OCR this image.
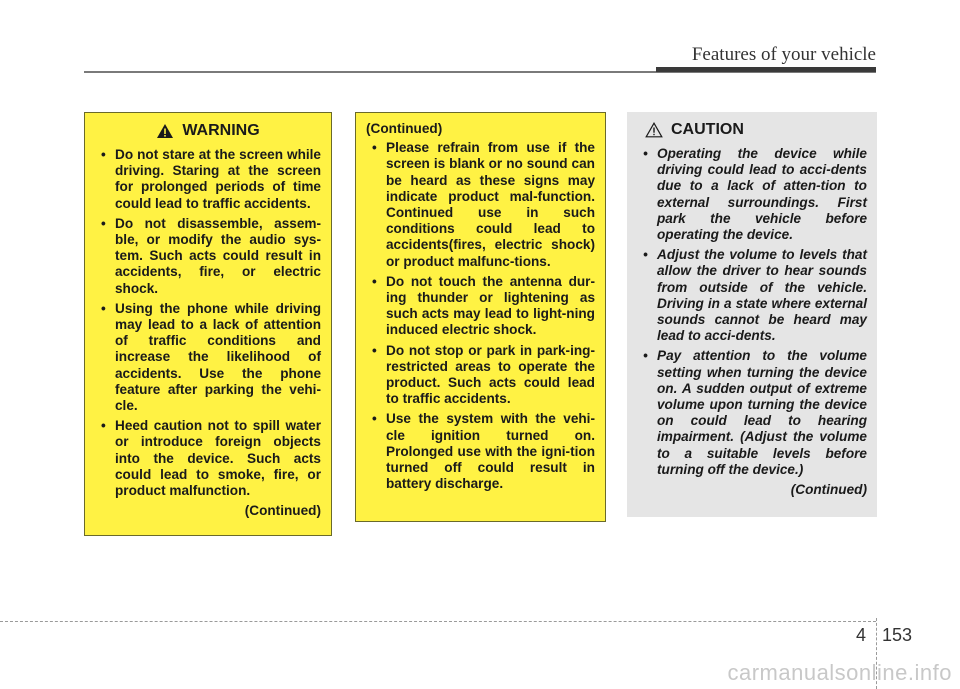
Features of your vehicle
WARNING
• Do not stare at the screen while driving. Staring at the screen for prolonged periods of time could lead to traffic accidents.
• Do not disassemble, assem-ble, or modify the audio sys-tem. Such acts could result in accidents, fire, or electric shock.
• Using the phone while driving may lead to a lack of attention of traffic conditions and increase the likelihood of accidents. Use the phone feature after parking the vehi-cle.
• Heed caution not to spill water or introduce foreign objects into the device. Such acts could lead to smoke, fire, or product malfunction.
(Continued)
(Continued)
• Please refrain from use if the screen is blank or no sound can be heard as these signs may indicate product mal-function. Continued use in such conditions could lead to accidents(fires, electric shock) or product malfunc-tions.
• Do not touch the antenna dur-ing thunder or lightening as such acts may lead to light-ning induced electric shock.
• Do not stop or park in park-ing-restricted areas to operate the product. Such acts could lead to traffic accidents.
• Use the system with the vehi-cle ignition turned on. Prolonged use with the igni-tion turned off could result in battery discharge.
CAUTION
• Operating the device while driving could lead to acci-dents due to a lack of atten-tion to external surroundings. First park the vehicle before operating the device.
• Adjust the volume to levels that allow the driver to hear sounds from outside of the vehicle. Driving in a state where external sounds cannot be heard may lead to acci-dents.
• Pay attention to the volume setting when turning the device on. A sudden output of extreme volume upon turning the device on could lead to hearing impairment. (Adjust the volume to a suitable levels before turning off the device.)
(Continued)
4 153
carmanualsonline.info
